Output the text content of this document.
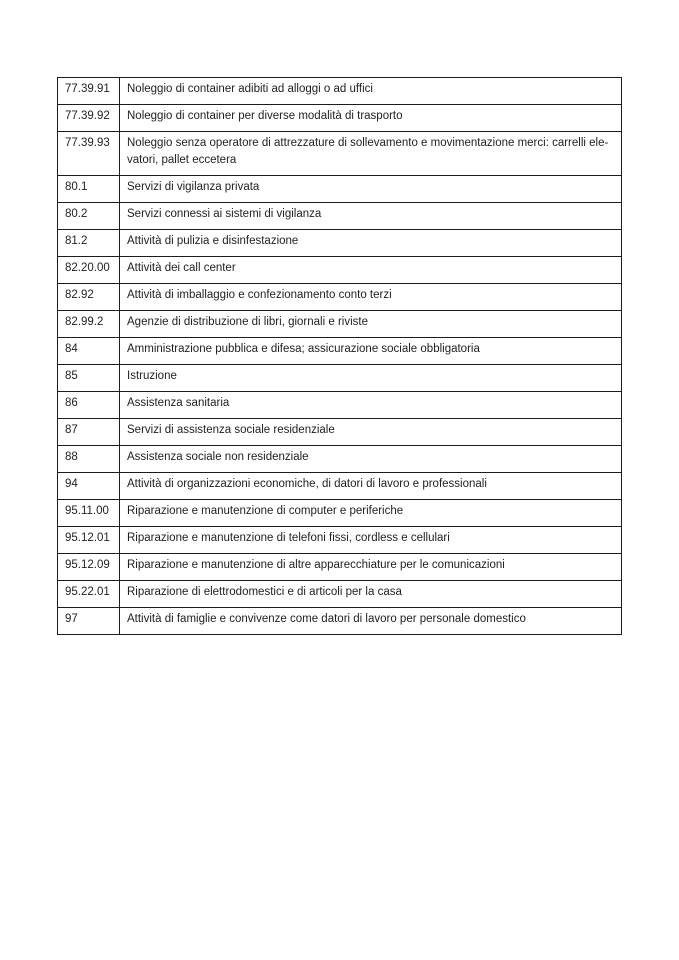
77.39.91	Noleggio di container adibiti ad alloggi o ad uffici
77.39.92	Noleggio di container per diverse modalità di trasporto
77.39.93	Noleggio senza operatore di attrezzature di sollevamento e movimentazione merci: carrelli elevatori, pallet eccetera
80.1	Servizi di vigilanza privata
80.2	Servizi connessi ai sistemi di vigilanza
81.2	Attività di pulizia e disinfestazione
82.20.00	Attività dei call center
82.92	Attività di imballaggio e confezionamento conto terzi
82.99.2	Agenzie di distribuzione di libri, giornali e riviste
84	Amministrazione pubblica e difesa; assicurazione sociale obbligatoria
85	Istruzione
86	Assistenza sanitaria
87	Servizi di assistenza sociale residenziale
88	Assistenza sociale non residenziale
94	Attività di organizzazioni economiche, di datori di lavoro e professionali
95.11.00	Riparazione e manutenzione di computer e periferiche
95.12.01	Riparazione e manutenzione di telefoni fissi, cordless e cellulari
95.12.09	Riparazione e manutenzione di altre apparecchiature per le comunicazioni
95.22.01	Riparazione di elettrodomestici e di articoli per la casa
97	Attività di famiglie e convivenze come datori di lavoro per personale domestico
